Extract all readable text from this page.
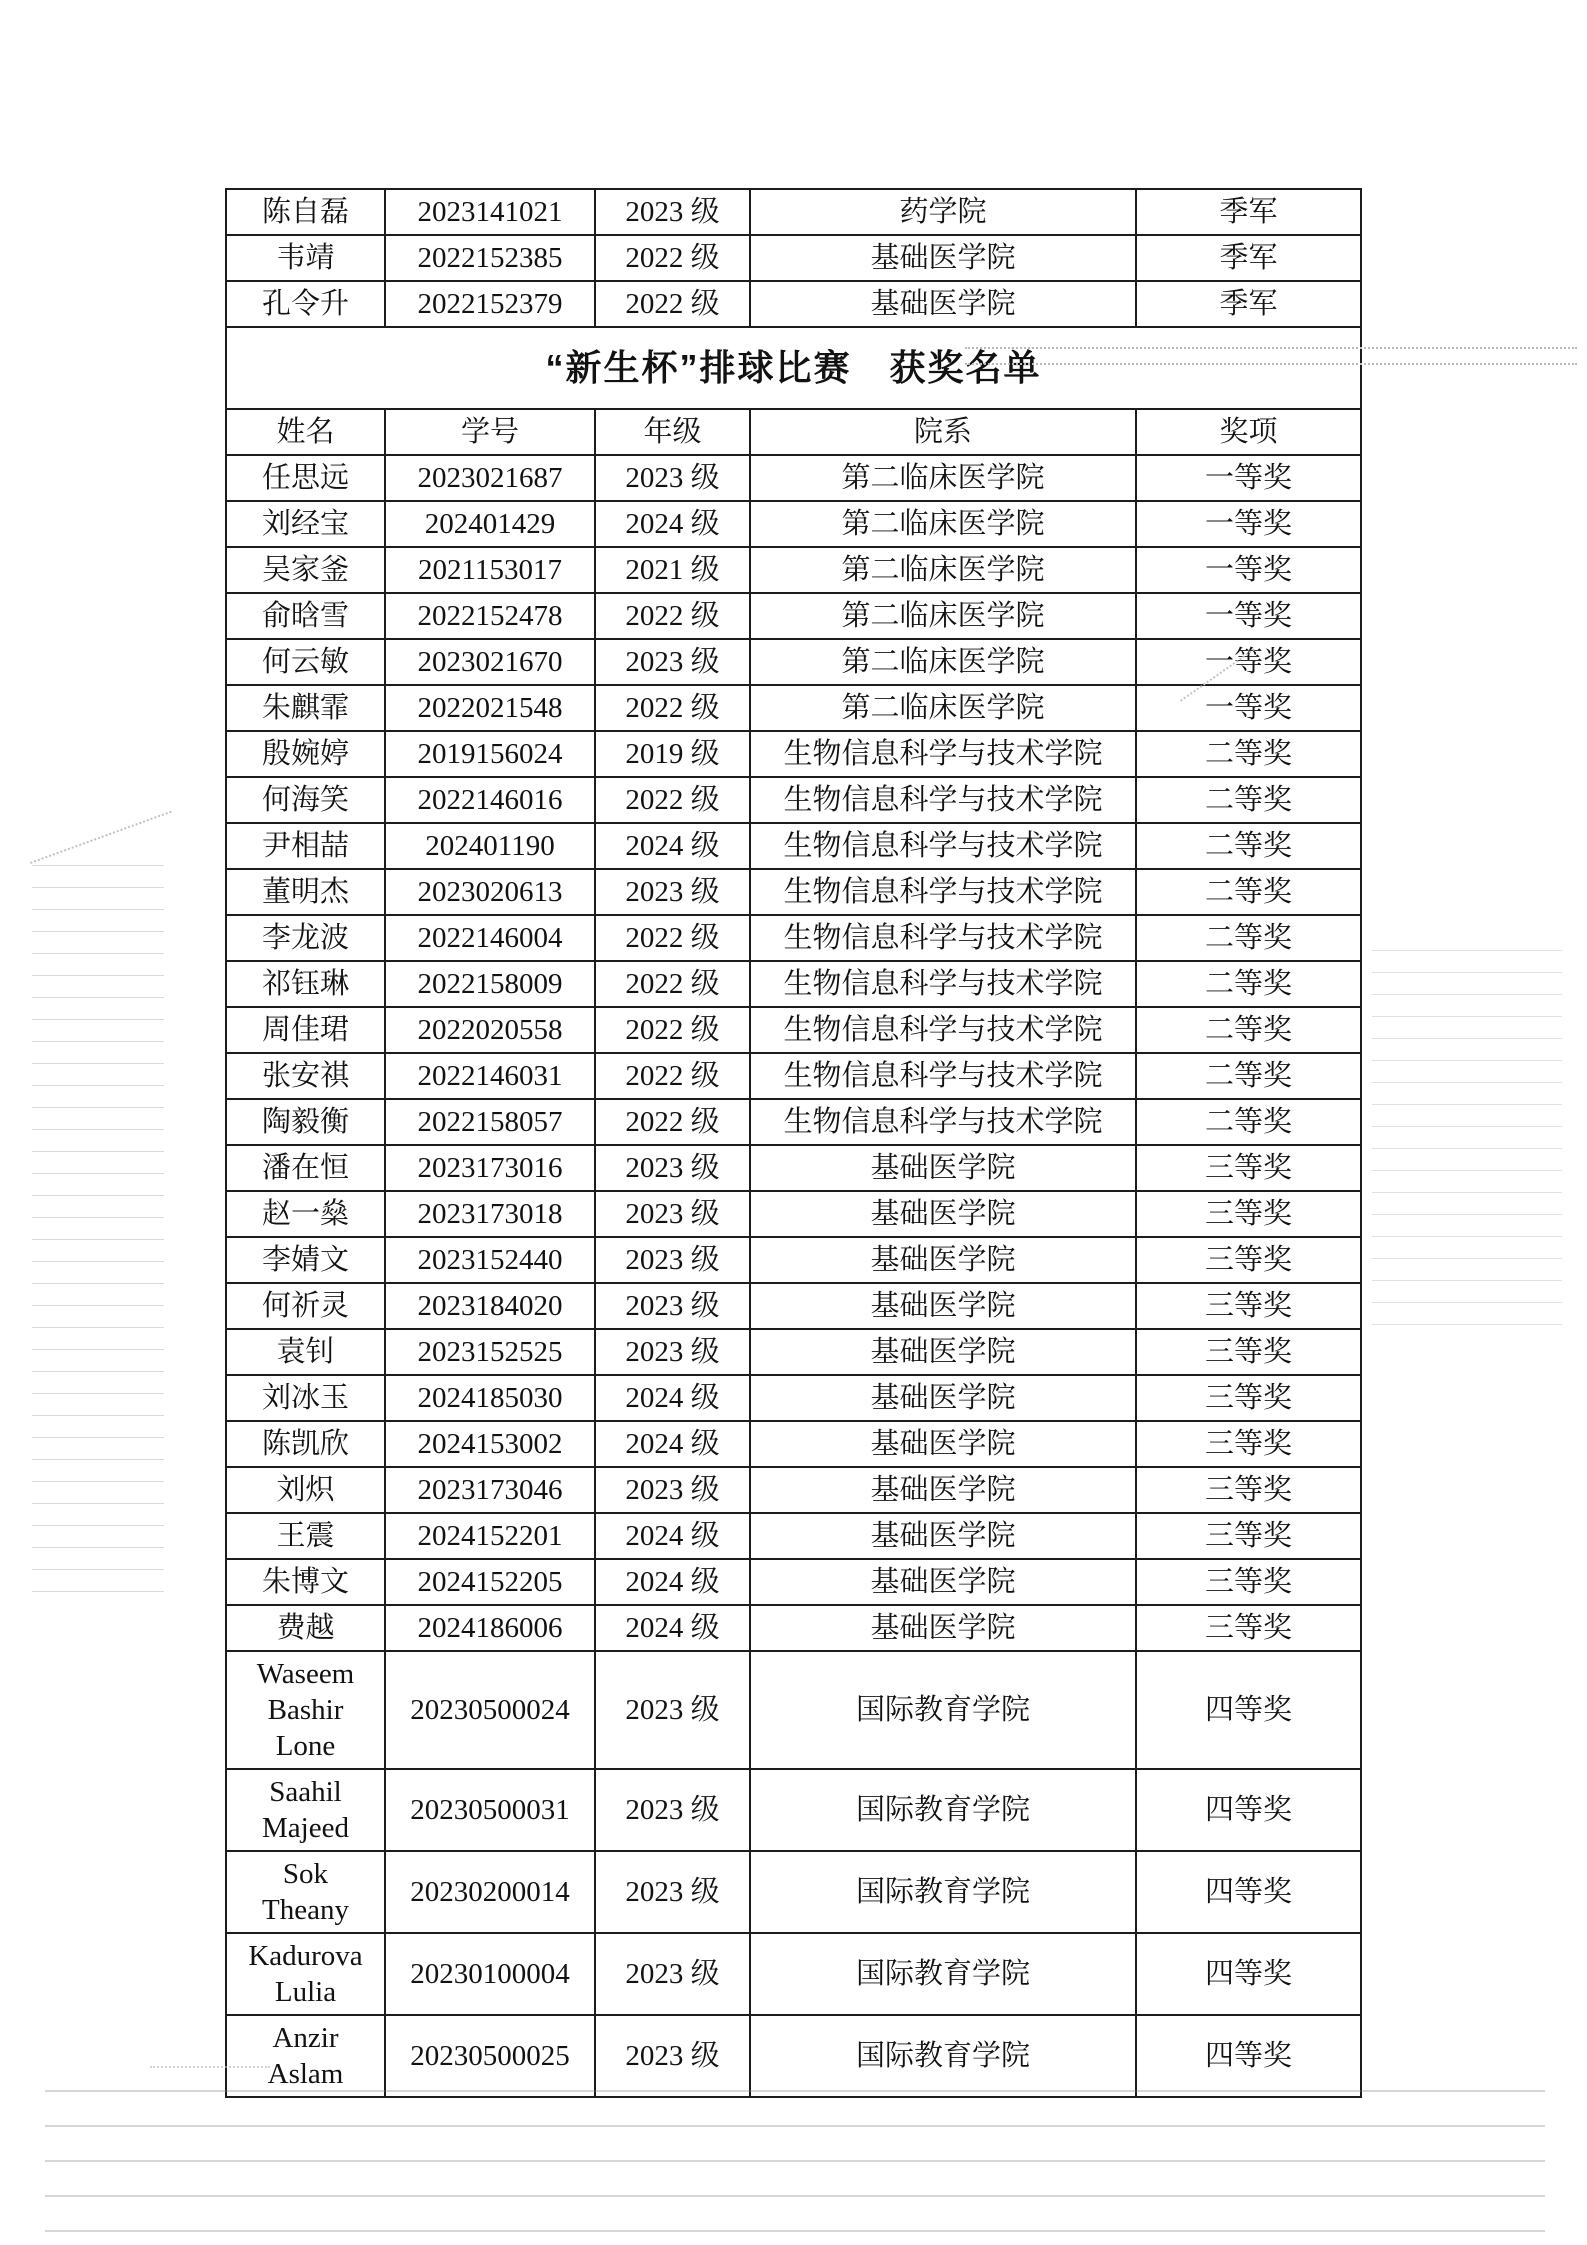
陈自磊	2023141021	2023 级	药学院	季军
韦靖	2022152385	2022 级	基础医学院	季军
孔令升	2022152379	2022 级	基础医学院	季军
“新生杯”排球比赛　获奖名单				
姓名	学号	年级	院系	奖项
任思远	2023021687	2023 级	第二临床医学院	一等奖
刘经宝	202401429	2024 级	第二临床医学院	一等奖
吴家釜	2021153017	2021 级	第二临床医学院	一等奖
俞晗雪	2022152478	2022 级	第二临床医学院	一等奖
何云敏	2023021670	2023 级	第二临床医学院	一等奖
朱麒霏	2022021548	2022 级	第二临床医学院	一等奖
殷婉婷	2019156024	2019 级	生物信息科学与技术学院	二等奖
何海笑	2022146016	2022 级	生物信息科学与技术学院	二等奖
尹相喆	202401190	2024 级	生物信息科学与技术学院	二等奖
董明杰	2023020613	2023 级	生物信息科学与技术学院	二等奖
李龙波	2022146004	2022 级	生物信息科学与技术学院	二等奖
祁钰琳	2022158009	2022 级	生物信息科学与技术学院	二等奖
周佳珺	2022020558	2022 级	生物信息科学与技术学院	二等奖
张安祺	2022146031	2022 级	生物信息科学与技术学院	二等奖
陶毅衡	2022158057	2022 级	生物信息科学与技术学院	二等奖
潘在恒	2023173016	2023 级	基础医学院	三等奖
赵一燊	2023173018	2023 级	基础医学院	三等奖
李婧文	2023152440	2023 级	基础医学院	三等奖
何祈灵	2023184020	2023 级	基础医学院	三等奖
袁钊	2023152525	2023 级	基础医学院	三等奖
刘冰玉	2024185030	2024 级	基础医学院	三等奖
陈凯欣	2024153002	2024 级	基础医学院	三等奖
刘炽	2023173046	2023 级	基础医学院	三等奖
王震	2024152201	2024 级	基础医学院	三等奖
朱博文	2024152205	2024 级	基础医学院	三等奖
费越	2024186006	2024 级	基础医学院	三等奖
Waseem Bashir Lone	20230500024	2023 级	国际教育学院	四等奖
Saahil Majeed	20230500031	2023 级	国际教育学院	四等奖
Sok Theany	20230200014	2023 级	国际教育学院	四等奖
Kadurova Lulia	20230100004	2023 级	国际教育学院	四等奖
Anzir Aslam	20230500025	2023 级	国际教育学院	四等奖
